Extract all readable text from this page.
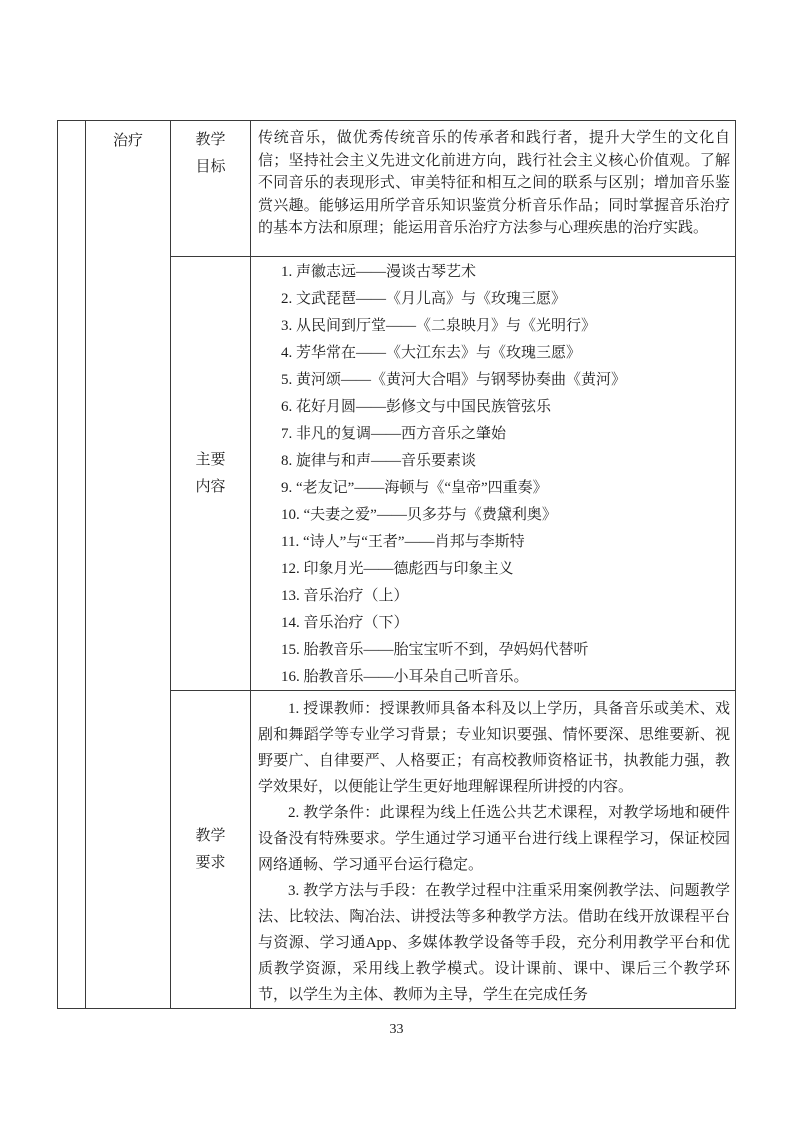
治疗	教学
目标
传统音乐，做优秀传统音乐的传承者和践行者，提升大学生的文化自信；坚持社会主义先进文化前进方向，践行社会主义核心价值观。了解不同音乐的表现形式、审美特征和相互之间的联系与区别；增加音乐鉴赏兴趣。能够运用所学音乐知识鉴赏分析音乐作品；同时掌握音乐治疗的基本方法和原理；能运用音乐治疗方法参与心理疾患的治疗实践。
主要
内容
1. 声徽志远——漫谈古琴艺术
2. 文武琵琶——《月儿高》与《玫瑰三愿》
3. 从民间到厅堂——《二泉映月》与《光明行》
4. 芳华常在——《大江东去》与《玫瑰三愿》
5. 黄河颂——《黄河大合唱》与钢琴协奏曲《黄河》
6. 花好月圆——彭修文与中国民族管弦乐
7. 非凡的复调——西方音乐之肇始
8. 旋律与和声——音乐要素谈
9. “老友记”——海顿与《“皇帝”四重奏》
10. “夫妻之爱”——贝多芬与《费黛利奥》
11. “诗人”与“王者”——肖邦与李斯特
12. 印象月光——德彪西与印象主义
13. 音乐治疗（上）
14. 音乐治疗（下）
15. 胎教音乐——胎宝宝听不到，孕妈妈代替听
16. 胎教音乐——小耳朵自己听音乐。
教学
要求

1. 授课教师：授课教师具备本科及以上学历，具备音乐或美术、戏剧和舞蹈学等专业学习背景；专业知识要强、情怀要深、思维要新、视野要广、自律要严、人格要正；有高校教师资格证书，执教能力强，教学效果好，以便能让学生更好地理解课程所讲授的内容。

2. 教学条件：此课程为线上任选公共艺术课程，对教学场地和硬件设备没有特殊要求。学生通过学习通平台进行线上课程学习，保证校园网络通畅、学习通平台运行稳定。

3. 教学方法与手段：在教学过程中注重采用案例教学法、问题教学法、比较法、陶冶法、讲授法等多种教学方法。借助在线开放课程平台与资源、学习通App、多媒体教学设备等手段，充分利用教学平台和优质教学资源，采用线上教学模式。设计课前、课中、课后三个教学环节，以学生为主体、教师为主导，学生在完成任务

33
